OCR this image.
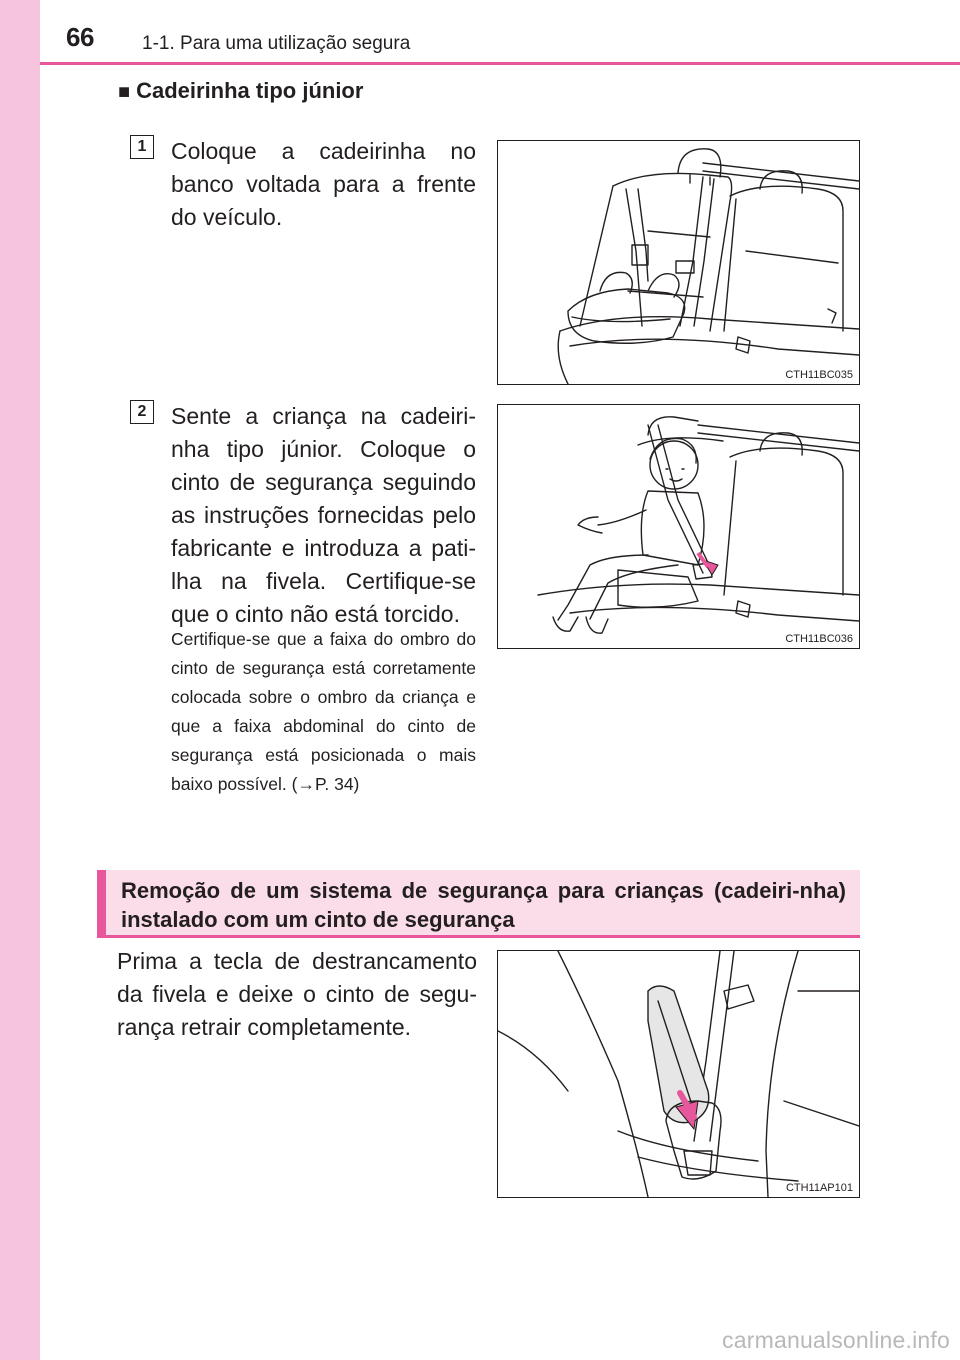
66	1-1. Para uma utilização segura
■ Cadeirinha tipo júnior
1	Coloque a cadeirinha no banco voltada para a frente do veículo.
CTH11BC035
2	Sente a criança na cadeiri-nha tipo júnior. Coloque o cinto de segurança seguindo as instruções fornecidas pelo fabricante e introduza a pati-lha na fivela. Certifique-se que o cinto não está torcido.
Certifique-se que a faixa do ombro do cinto de segurança está corretamente colocada sobre o ombro da criança e que a faixa abdominal do cinto de segurança está posicionada o mais baixo possível. (→P. 34)
CTH11BC036
Remoção de um sistema de segurança para crianças (cadeiri-nha) instalado com um cinto de segurança
Prima a tecla de destrancamento da fivela e deixe o cinto de segu-rança retrair completamente.
CTH11AP101
carmanualsonline.info
